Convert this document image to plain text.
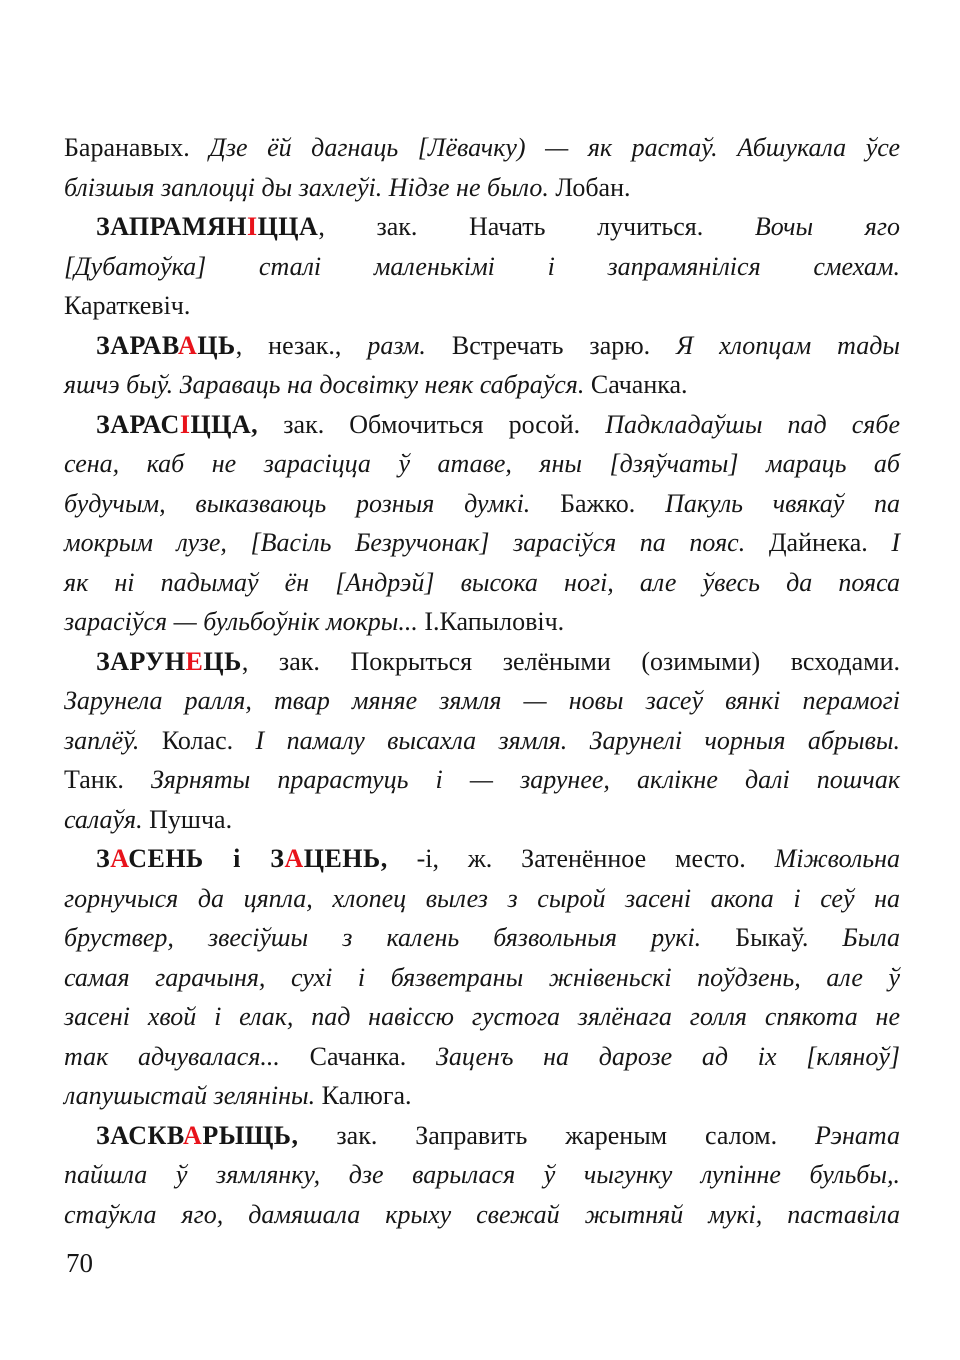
Баранавых. Дзе ёй дагнаць [Лёвачку) — як растаў. Абшукала ўсе
блізшыя заплоцці ды захлеўі. Нідзе не было. Лобан.
ЗАПРАМЯНІЦЦА, зак. Начать лучиться. Вочы яго
[Дубатоўка] сталі маленькімі і запрамяніліся смехам.
Караткевіч.
ЗАРАВАЦЬ, незак., разм. Встречать зарю. Я хлопцам тады
яшчэ быў. Зараваць на досвітку неяк сабраўся. Сачанка.
ЗАРАСІЦЦА, зак. Обмочиться росой. Падкладаўшы пад сябе
сена, каб не зарасіцца ў атаве, яны [дзяўчаты] мараць аб
будучым, выказваюць розныя думкі. Бажко. Пакуль чвякаў па
мокрым лузе, [Васіль Безручонак] зарасіўся па пояс. Дайнека. І
як ні падымаў ён [Андрэй] высока ногі, але ўвесь да пояса
зарасіўся — бульбоўнік мокры... І.Капыловіч.
ЗАРУНЕЦЬ, зак. Покрыться зелёными (озимыми) всходами.
Зарунела ралля, твар мяняе зямля — новы засеў вянкі перамогі
заплёў. Колас. І памалу высахла зямля. Зарунелі чорныя абрывы.
Танк. Зярняты прарастуць і — зарунее, аклікне далі пошчак
салаўя. Пушча.
ЗАСЕНЬ і ЗАЦЕНЬ, -і, ж. Затенённое место. Міжвольна
горнучыся да цяпла, хлопец вылез з сырой засені акопа і сеў на
бруствер, звесіўшы з калень бязвольныя рукі. Быкаў. Была
самая гарачыня, сухі і бязветраны жнівеньскі поўдзень, але ў
засені хвой і елак, пад навіссю густога зялёнага голля спякота не
так адчувалася... Сачанка. Заценъ на дарозе ад іх [кляноў]
лапушыстай зеляніны. Калюга.
ЗАСКВАРЫЩЬ, зак. Заправить жареным салом. Рэната
пайшла ў зямлянку, дзе варылася ў чыгунку лупінне бульбы,.
стаўкла яго, дамяшала крыху свежай жытняй мукі, паставіла
70
